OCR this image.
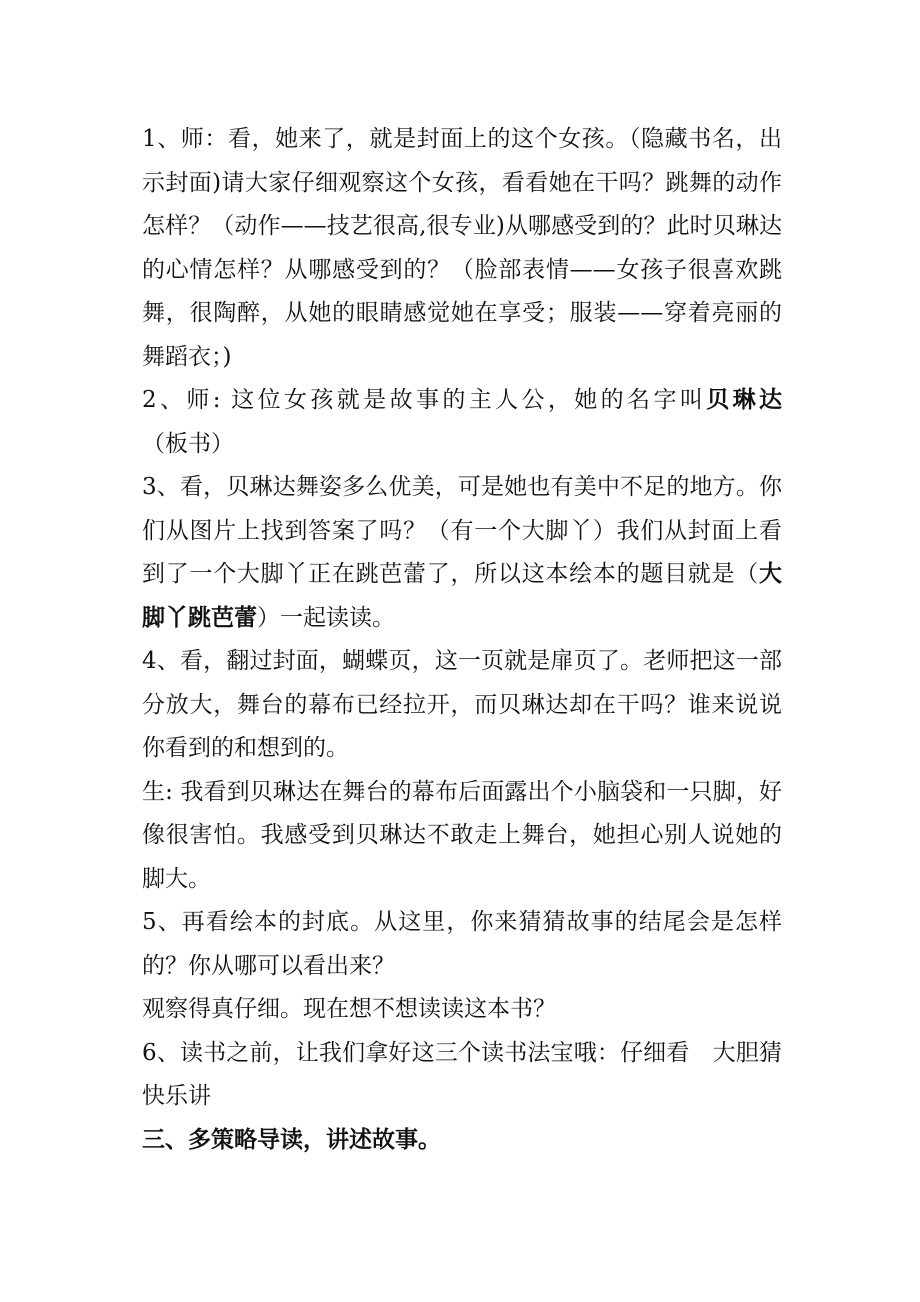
1、师：看，她来了，就是封面上的这个女孩。（隐藏书名，出示封面)请大家仔细观察这个女孩，看看她在干吗？跳舞的动作怎样？（动作——技艺很高,很专业)从哪感受到的？此时贝琳达的心情怎样？从哪感受到的？（脸部表情——女孩子很喜欢跳舞，很陶醉，从她的眼睛感觉她在享受；服装——穿着亮丽的舞蹈衣；)

2、师: 这位女孩就是故事的主人公，她的名字叫贝琳达（板书）

3、看，贝琳达舞姿多么优美，可是她也有美中不足的地方。你们从图片上找到答案了吗？（有一个大脚丫）我们从封面上看到了一个大脚丫正在跳芭蕾了，所以这本绘本的题目就是（大脚丫跳芭蕾）一起读读。

4、看，翻过封面，蝴蝶页，这一页就是扉页了。老师把这一部分放大，舞台的幕布已经拉开，而贝琳达却在干吗？谁来说说你看到的和想到的。

生: 我看到贝琳达在舞台的幕布后面露出个小脑袋和一只脚，好像很害怕。我感受到贝琳达不敢走上舞台，她担心别人说她的脚大。

5、再看绘本的封底。从这里，你来猜猜故事的结尾会是怎样的？你从哪可以看出来？

观察得真仔细。现在想不想读读这本书？

6、读书之前，让我们拿好这三个读书法宝哦：仔细看　大胆猜　快乐讲

三、多策略导读，讲述故事。
